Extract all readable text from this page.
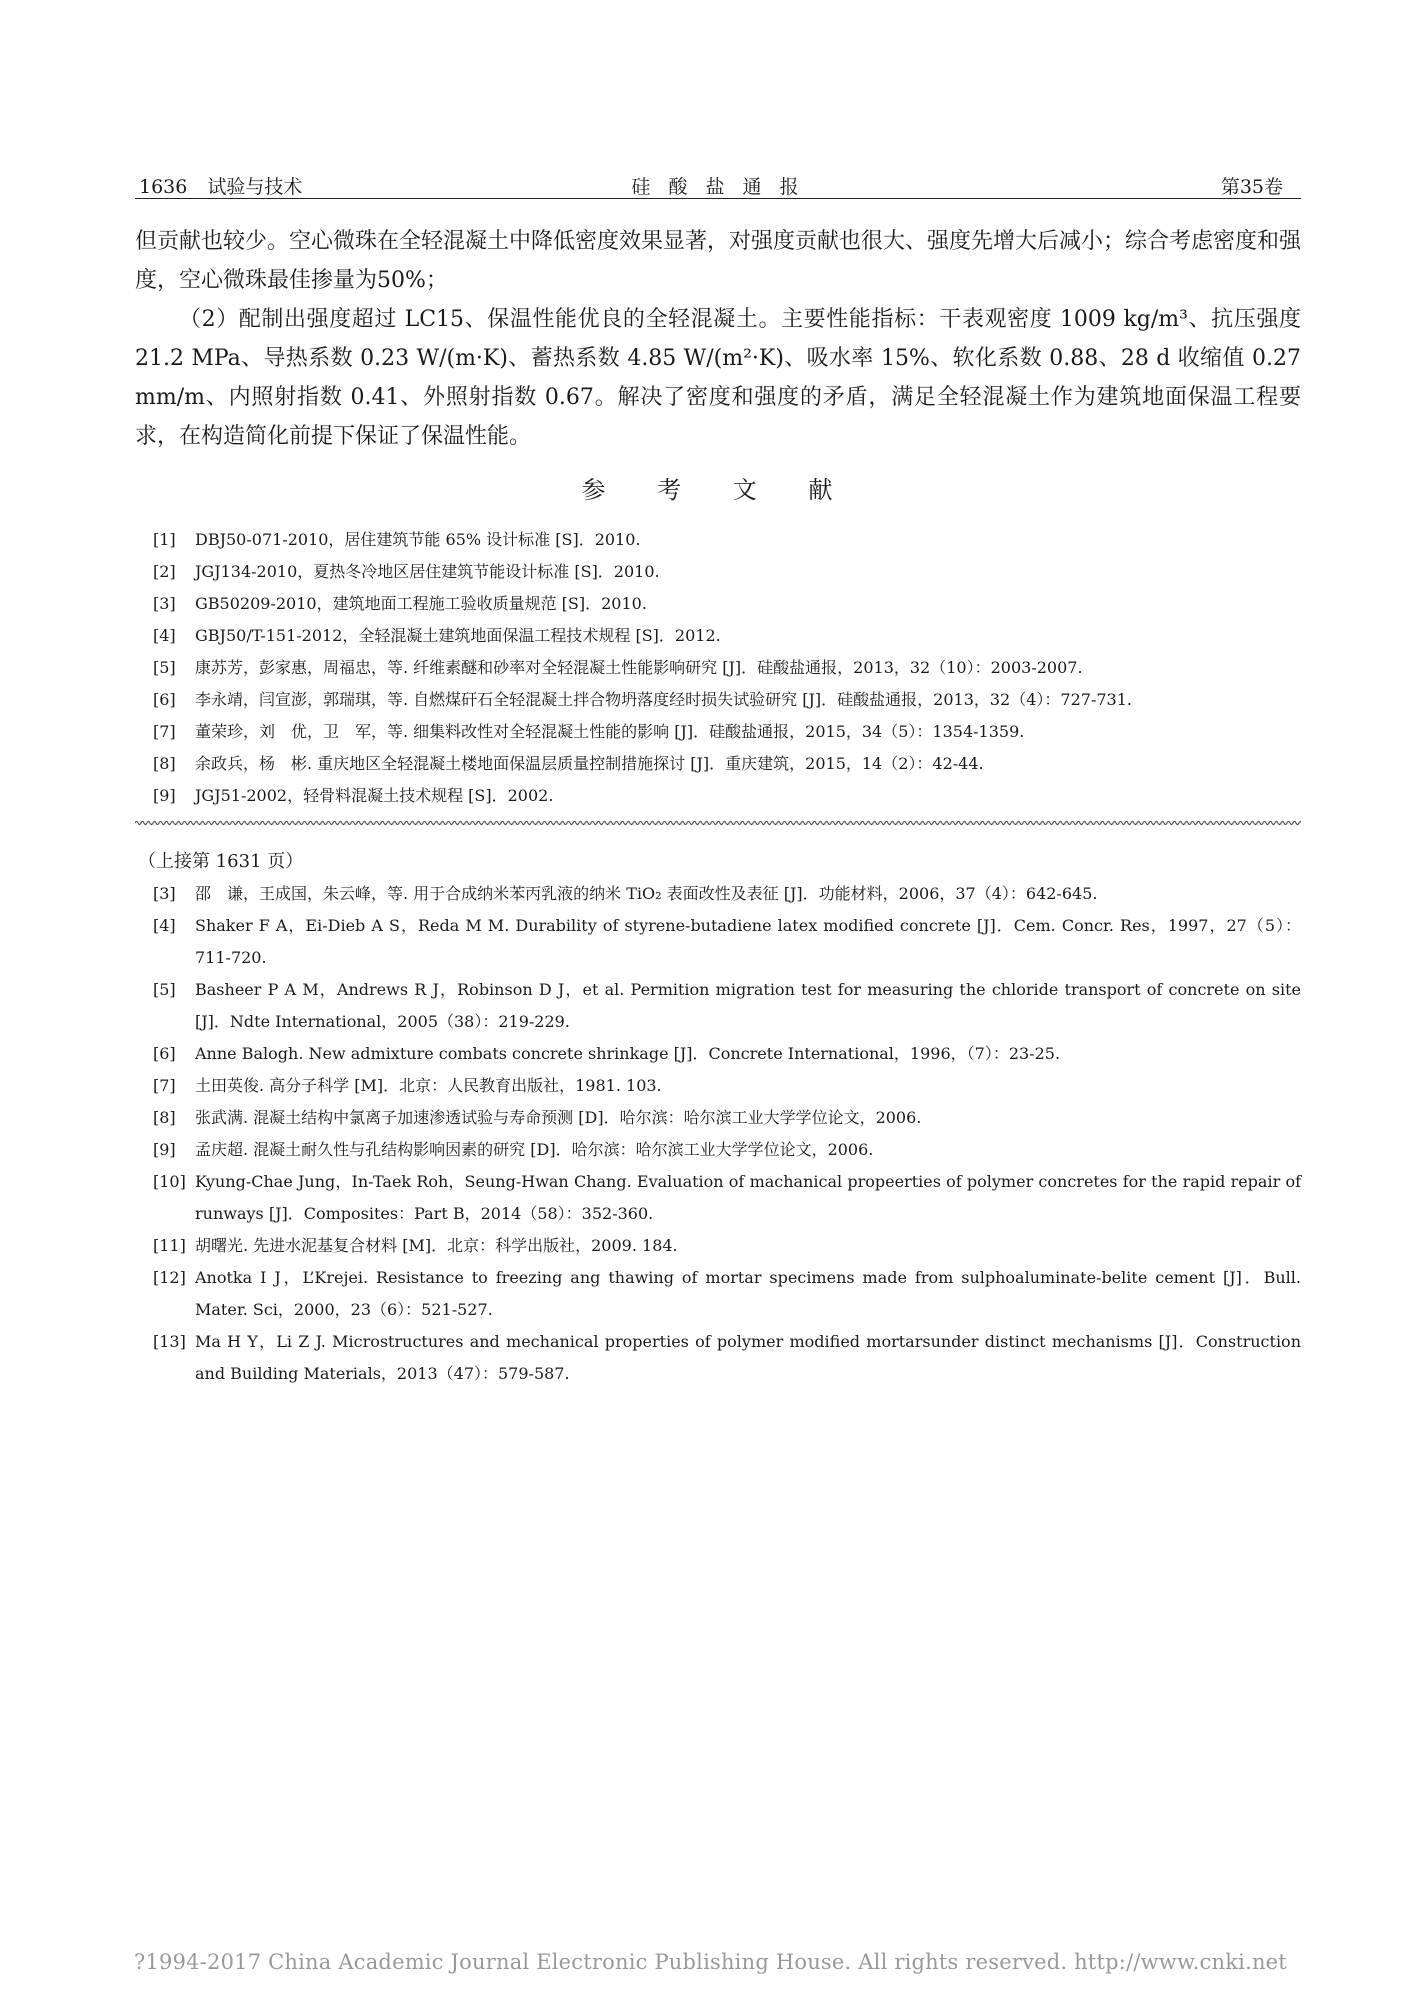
1636 试验与技术	硅 酸 盐 通 报	第35卷

但贡献也较少。空心微珠在全轻混凝土中降低密度效果显著，对强度贡献也很大、强度先增大后减小；综合考虑密度和强度，空心微珠最佳掺量为50%；

（2）配制出强度超过 LC15、保温性能优良的全轻混凝土。主要性能指标：干表观密度 1009 kg/m³、抗压强度 21.2 MPa、导热系数 0.23 W/(m·K)、蓄热系数 4.85 W/(m²·K)、吸水率 15%、软化系数 0.88、28 d 收缩值 0.27 mm/m、内照射指数 0.41、外照射指数 0.67。解决了密度和强度的矛盾，满足全轻混凝土作为建筑地面保温工程要求，在构造简化前提下保证了保温性能。

参 考 文 献
[1] DBJ50-071-2010，居住建筑节能 65% 设计标准 [S]．2010.
[2] JGJ134-2010，夏热冬冷地区居住建筑节能设计标准 [S]．2010.
[3] GB50209-2010，建筑地面工程施工验收质量规范 [S]．2010.
[4] GBJ50/T-151-2012，全轻混凝土建筑地面保温工程技术规程 [S]．2012.
[5] 康苏芳，彭家惠，周福忠，等. 纤维素醚和砂率对全轻混凝土性能影响研究 [J]．硅酸盐通报，2013，32（10）：2003-2007.
[6] 李永靖，闫宣澎，郭瑞琪，等. 自燃煤矸石全轻混凝土拌合物坍落度经时损失试验研究 [J]．硅酸盐通报，2013，32（4）：727-731.
[7] 董荣珍，刘　优，卫　军，等. 细集料改性对全轻混凝土性能的影响 [J]．硅酸盐通报，2015，34（5）：1354-1359.
[8] 余政兵，杨　彬. 重庆地区全轻混凝土楼地面保温层质量控制措施探讨 [J]．重庆建筑，2015，14（2）：42-44.
[9] JGJ51-2002，轻骨料混凝土技术规程 [S]．2002.
（上接第 1631 页）
[3] 邵　谦，王成国，朱云峰，等. 用于合成纳米苯丙乳液的纳米 TiO₂ 表面改性及表征 [J]．功能材料，2006，37（4）：642-645.
[4] Shaker F A，Ei-Dieb A S，Reda M M. Durability of styrene-butadiene latex modified concrete [J]．Cem. Concr. Res，1997，27（5）：711-720.
[5] Basheer P A M，Andrews R J，Robinson D J，et al. Permition migration test for measuring the chloride transport of concrete on site [J]．Ndte International，2005（38）：219-229.
[6] Anne Balogh. New admixture combats concrete shrinkage [J]．Concrete International，1996，（7）：23-25.
[7] 土田英俊. 高分子科学 [M]．北京：人民教育出版社，1981. 103.
[8] 张武满. 混凝土结构中氯离子加速渗透试验与寿命预测 [D]．哈尔滨：哈尔滨工业大学学位论文，2006.
[9] 孟庆超. 混凝土耐久性与孔结构影响因素的研究 [D]．哈尔滨：哈尔滨工业大学学位论文，2006.
[10] Kyung-Chae Jung，In-Taek Roh，Seung-Hwan Chang. Evaluation of machanical propeerties of polymer concretes for the rapid repair of runways [J]．Composites：Part B，2014（58）：352-360.
[11] 胡曙光. 先进水泥基复合材料 [M]．北京：科学出版社，2009. 184.
[12] Anotka I J，L’Krejei. Resistance to freezing ang thawing of mortar specimens made from sulphoaluminate-belite cement [J]．Bull. Mater. Sci，2000，23（6）：521-527.
[13] Ma H Y，Li Z J. Microstructures and mechanical properties of polymer modified mortarsunder distinct mechanisms [J]．Construction and Building Materials，2013（47）：579-587.
?1994-2017 China Academic Journal Electronic Publishing House. All rights reserved. http://www.cnki.net
